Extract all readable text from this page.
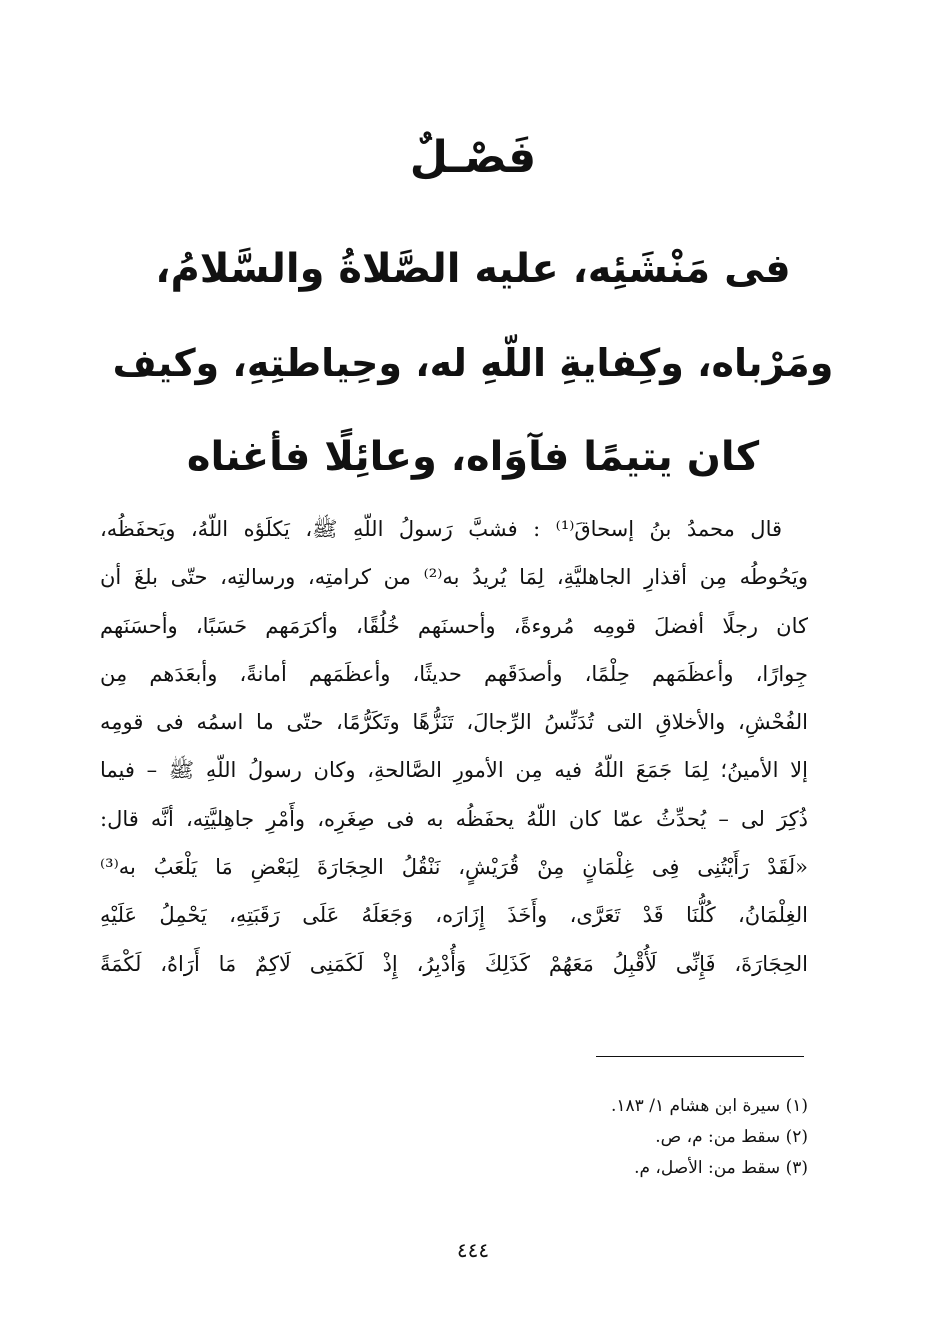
فَصْـلٌ
فى مَنْشَئِه، عليه الصَّلاةُ والسَّلامُ،
ومَرْباه، وكِفايةِ اللّهِ له، وحِياطتِهِ، وكيف
كان يتيمًا فآوَاه، وعائِلًا فأغناه
قال محمدُ بنُ إسحاقَ⁽¹⁾ : فشبَّ رَسولُ اللّهِ ﷺ، يَكلَؤه اللّهُ، ويَحفَظُه،
ويَحُوطُه مِن أقذارِ الجاهليَّةِ، لِمَا يُريدُ به⁽²⁾ من كرامتِه، ورسالتِه، حتّى بلغَ أن
كان رجلًا أفضلَ قومِه مُروءةً، وأحسنَهم خُلُقًا، وأكرَمَهم حَسَبًا، وأحسَنَهم
جِوارًا، وأعظَمَهم حِلْمًا، وأصدَقَهم حديثًا، وأعظَمَهم أمانةً، وأبعَدَهم مِن
الفُحْشِ، والأخلاقِ التى تُدَنِّسُ الرِّجالَ، تَنَزُّهًا وتَكَرُّمًا، حتّى ما اسمُه فى قومِه
إلا الأمينُ؛ لِمَا جَمَعَ اللّهُ فيه مِن الأمورِ الصَّالحةِ، وكان رسولُ اللّهِ ﷺ – فيما
ذُكِرَ لى – يُحدِّثُ عمّا كان اللّهُ يحفَظُه به فى صِغَرِه، وأَمْرِ جاهِليَّتِه، أنَّه قال:
«لَقَدْ رَأَيْتُنِى فِى غِلْمَانٍ مِنْ قُرَيْشٍ، نَنْقُلُ الحِجَارَةَ لِبَعْضِ مَا يَلْعَبُ به⁽³⁾
الغِلْمَانُ، كُلُّنَا قَدْ تَعَرَّى، وأَخَذَ إِزَارَه، وَجَعَلَهُ عَلَى رَقَبَتِهِ، يَحْمِلُ عَلَيْهِ
الحِجَارَةَ، فَإِنِّى لَأُقْبِلُ مَعَهُمْ كَذَلِكَ وَأُدْبِرُ، إِذْ لَكَمَنِى لَاكِمٌ مَا أَرَاهُ، لَكْمَةً
(١) سيرة ابن هشام ١/ ١٨٣.
(٢) سقط من: م، ص.
(٣) سقط من: الأصل، م.
٤٤٤
